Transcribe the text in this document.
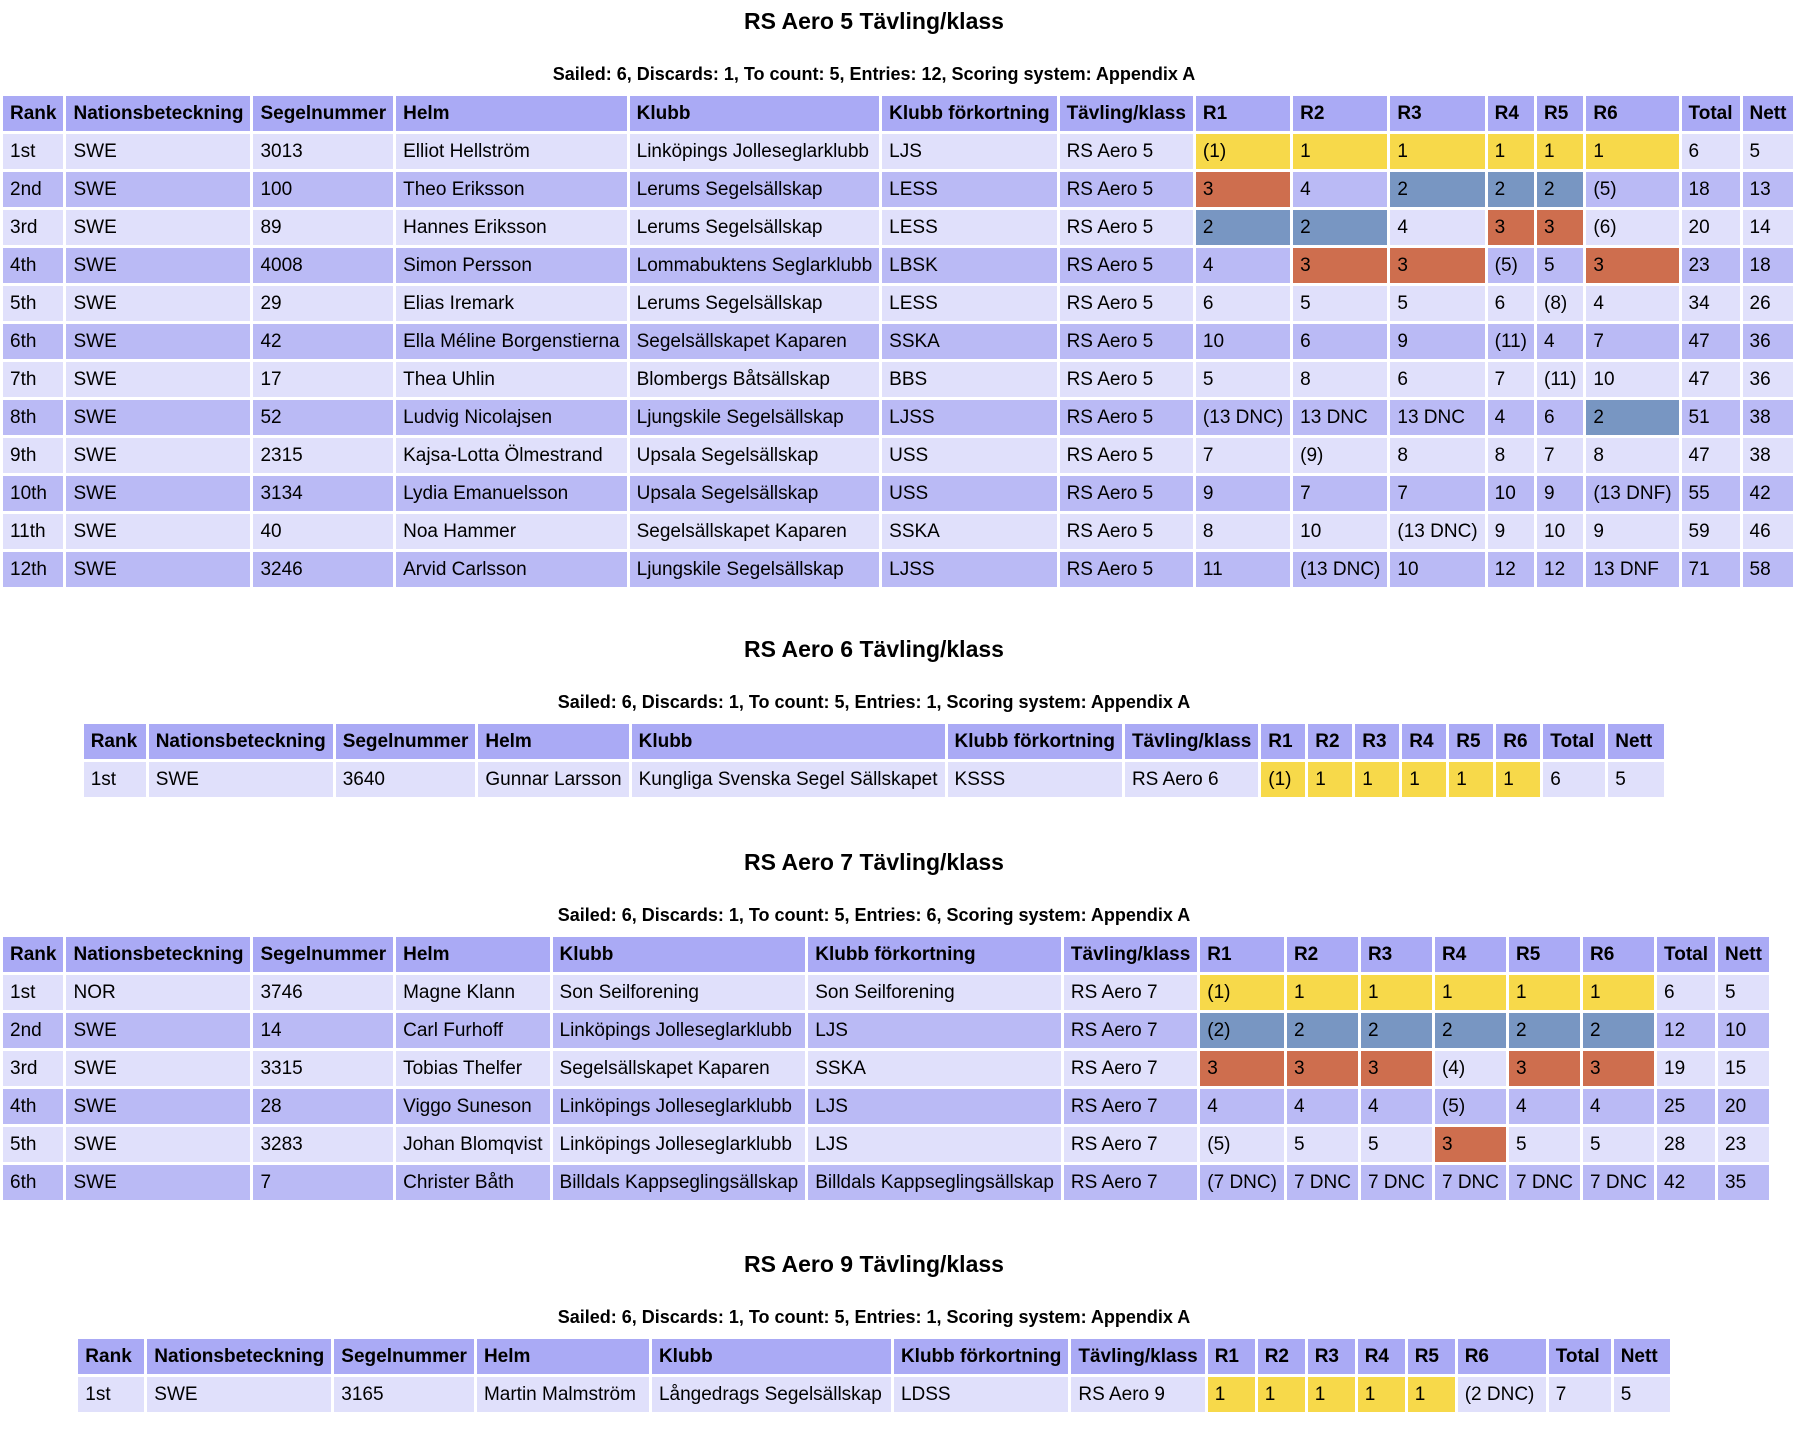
RS Aero 5 Tävling/klass

Sailed: 6, Discards: 1, To count: 5, Entries: 12, Scoring system: Appendix A

Rank	Nationsbeteckning	Segelnummer	Helm	Klubb	Klubb förkortning	Tävling/klass	R1	R2	R3	R4	R5	R6	Total	Nett
1st	SWE	3013	Elliot Hellström	Linköpings Jolleseglarklubb	LJS	RS Aero 5	(1)	1	1	1	1	1	6	5
2nd	SWE	100	Theo Eriksson	Lerums Segelsällskap	LESS	RS Aero 5	3	4	2	2	2	(5)	18	13
3rd	SWE	89	Hannes Eriksson	Lerums Segelsällskap	LESS	RS Aero 5	2	2	4	3	3	(6)	20	14
4th	SWE	4008	Simon Persson	Lommabuktens Seglarklubb	LBSK	RS Aero 5	4	3	3	(5)	5	3	23	18
5th	SWE	29	Elias Iremark	Lerums Segelsällskap	LESS	RS Aero 5	6	5	5	6	(8)	4	34	26
6th	SWE	42	Ella Méline Borgenstierna	Segelsällskapet Kaparen	SSKA	RS Aero 5	10	6	9	(11)	4	7	47	36
7th	SWE	17	Thea Uhlin	Blombergs Båtsällskap	BBS	RS Aero 5	5	8	6	7	(11)	10	47	36
8th	SWE	52	Ludvig Nicolajsen	Ljungskile Segelsällskap	LJSS	RS Aero 5	(13 DNC)	13 DNC	13 DNC	4	6	2	51	38
9th	SWE	2315	Kajsa-Lotta Ölmestrand	Upsala Segelsällskap	USS	RS Aero 5	7	(9)	8	8	7	8	47	38
10th	SWE	3134	Lydia Emanuelsson	Upsala Segelsällskap	USS	RS Aero 5	9	7	7	10	9	(13 DNF)	55	42
11th	SWE	40	Noa Hammer	Segelsällskapet Kaparen	SSKA	RS Aero 5	8	10	(13 DNC)	9	10	9	59	46
12th	SWE	3246	Arvid Carlsson	Ljungskile Segelsällskap	LJSS	RS Aero 5	11	(13 DNC)	10	12	12	13 DNF	71	58
RS Aero 6 Tävling/klass

Sailed: 6, Discards: 1, To count: 5, Entries: 1, Scoring system: Appendix A

Rank	Nationsbeteckning	Segelnummer	Helm	Klubb	Klubb förkortning	Tävling/klass	R1	R2	R3	R4	R5	R6	Total	Nett
1st	SWE	3640	Gunnar Larsson	Kungliga Svenska Segel Sällskapet	KSSS	RS Aero 6	(1)	1	1	1	1	1	6	5
RS Aero 7 Tävling/klass

Sailed: 6, Discards: 1, To count: 5, Entries: 6, Scoring system: Appendix A

Rank	Nationsbeteckning	Segelnummer	Helm	Klubb	Klubb förkortning	Tävling/klass	R1	R2	R3	R4	R5	R6	Total	Nett
1st	NOR	3746	Magne Klann	Son Seilforening	Son Seilforening	RS Aero 7	(1)	1	1	1	1	1	6	5
2nd	SWE	14	Carl Furhoff	Linköpings Jolleseglarklubb	LJS	RS Aero 7	(2)	2	2	2	2	2	12	10
3rd	SWE	3315	Tobias Thelfer	Segelsällskapet Kaparen	SSKA	RS Aero 7	3	3	3	(4)	3	3	19	15
4th	SWE	28	Viggo Suneson	Linköpings Jolleseglarklubb	LJS	RS Aero 7	4	4	4	(5)	4	4	25	20
5th	SWE	3283	Johan Blomqvist	Linköpings Jolleseglarklubb	LJS	RS Aero 7	(5)	5	5	3	5	5	28	23
6th	SWE	7	Christer Båth	Billdals Kappseglingsällskap	Billdals Kappseglingsällskap	RS Aero 7	(7 DNC)	7 DNC	7 DNC	7 DNC	7 DNC	7 DNC	42	35
RS Aero 9 Tävling/klass

Sailed: 6, Discards: 1, To count: 5, Entries: 1, Scoring system: Appendix A

Rank	Nationsbeteckning	Segelnummer	Helm	Klubb	Klubb förkortning	Tävling/klass	R1	R2	R3	R4	R5	R6	Total	Nett
1st	SWE	3165	Martin Malmström	Långedrags Segelsällskap	LDSS	RS Aero 9	1	1	1	1	1	(2 DNC)	7	5
